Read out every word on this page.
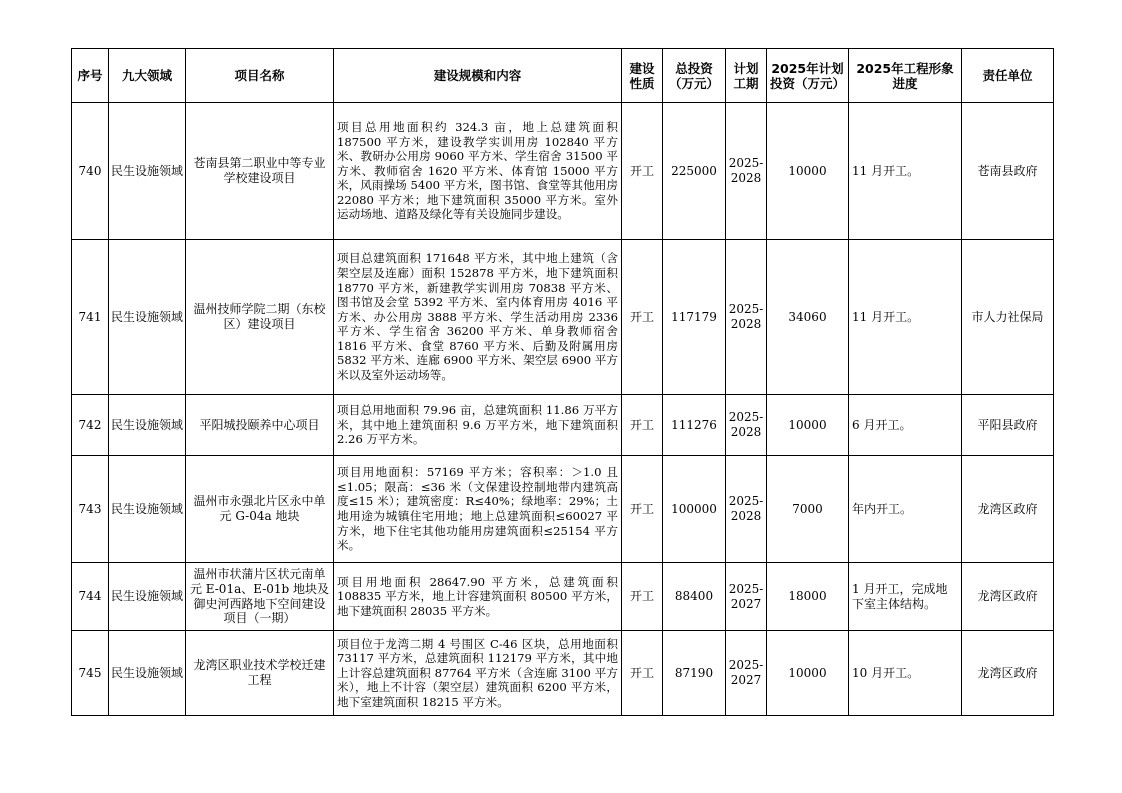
序号	九大领域	项目名称	建设规模和内容	建设性质	总投资（万元）	计划工期	2025年计划投资（万元）	2025年工程形象进度	责任单位
740	民生设施领域	苍南县第二职业中等专业学校建设项目	项目总用地面积约 324.3 亩，地上总建筑面积 187500 平方米，建设教学实训用房 102840 平方米、教研办公用房 9060 平方米、学生宿舍 31500 平方米、教师宿舍 1620 平方米、体育馆 15000 平方米，风雨操场 5400 平方米，图书馆、食堂等其他用房 22080 平方米；地下建筑面积 35000 平方米。室外运动场地、道路及绿化等有关设施同步建设。	开工	225000	2025-2028	10000	11 月开工。	苍南县政府
741	民生设施领域	温州技师学院二期（东校区）建设项目	项目总建筑面积 171648 平方米，其中地上建筑（含架空层及连廊）面积 152878 平方米，地下建筑面积 18770 平方米，新建教学实训用房 70838 平方米、图书馆及会堂 5392 平方米、室内体育用房 4016 平方米、办公用房 3888 平方米、学生活动用房 2336 平方米、学生宿舍 36200 平方米、单身教师宿舍 1816 平方米、食堂 8760 平方米、后勤及附属用房 5832 平方米、连廊 6900 平方米、架空层 6900 平方米以及室外运动场等。	开工	117179	2025-2028	34060	11 月开工。	市人力社保局
742	民生设施领域	平阳城投颐养中心项目	项目总用地面积 79.96 亩，总建筑面积 11.86 万平方米，其中地上建筑面积 9.6 万平方米，地下建筑面积 2.26 万平方米。	开工	111276	2025-2028	10000	6 月开工。	平阳县政府
743	民生设施领域	温州市永强北片区永中单元 G-04a 地块	项目用地面积：57169 平方米；容积率：＞1.0 且≤1.05；限高：≤36 米（文保建设控制地带内建筑高度≤15 米）；建筑密度：R≤40%；绿地率：29%；土地用途为城镇住宅用地；地上总建筑面积≤60027 平方米，地下住宅其他功能用房建筑面积≤25154 平方米。	开工	100000	2025-2028	7000	年内开工。	龙湾区政府
744	民生设施领域	温州市状蒲片区状元南单元 E-01a、E-01b 地块及御史河西路地下空间建设项目（一期）	项目用地面积 28647.90 平方米，总建筑面积 108835 平方米，地上计容建筑面积 80500 平方米，地下建筑面积 28035 平方米。	开工	88400	2025-2027	18000	1 月开工，完成地下室主体结构。	龙湾区政府
745	民生设施领域	龙湾区职业技术学校迁建工程	项目位于龙湾二期 4 号围区 C-46 区块，总用地面积 73117 平方米，总建筑面积 112179 平方米，其中地上计容总建筑面积 87764 平方米（含连廊 3100 平方米），地上不计容（架空层）建筑面积 6200 平方米，地下室建筑面积 18215 平方米。	开工	87190	2025-2027	10000	10 月开工。	龙湾区政府
